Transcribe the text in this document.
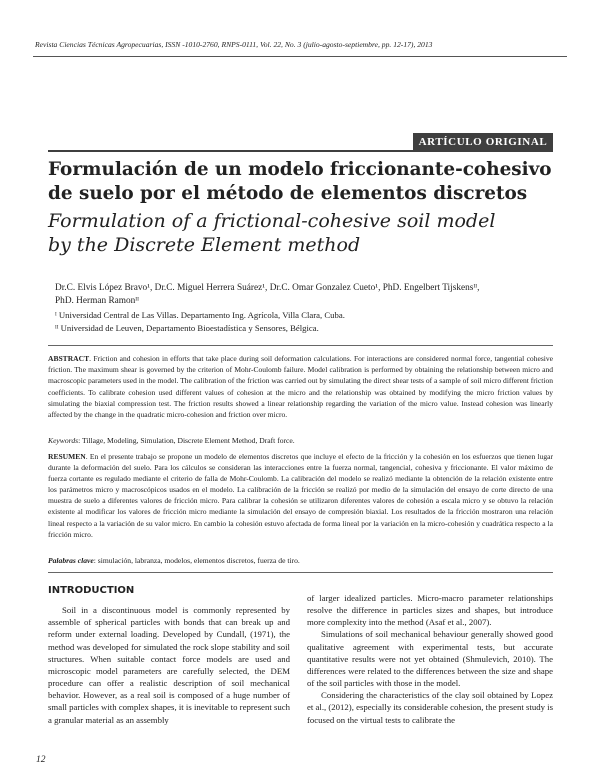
Revista Ciencias Técnicas Agropecuarias, ISSN -1010-2760, RNPS-0111, Vol. 22, No. 3 (julio-agosto-septiembre, pp. 12-17), 2013
ARTÍCULO ORIGINAL
Formulación de un modelo friccionante-cohesivo
de suelo por el método de elementos discretos
Formulation of a frictional-cohesive soil model
by the Discrete Element method
Dr.C. Elvis López Bravo¹, Dr.C. Miguel Herrera Suárez¹, Dr.C. Omar Gonzalez Cueto¹, PhD. Engelbert Tijskensᴵᴵ,
PhD. Herman Ramonᴵᴵ
ᴵ Universidad Central de Las Villas. Departamento Ing. Agrícola, Villa Clara, Cuba.
ᴵᴵ Universidad de Leuven, Departamento Bioestadística y Sensores, Bélgica.
ABSTRACT. Friction and cohesion in efforts that take place during soil deformation calculations. For interactions are considered normal force, tangential cohesive friction. The maximum shear is governed by the criterion of Mohr-Coulomb failure. Model calibration is performed by obtaining the relationship between micro and macroscopic parameters used in the model. The calibration of the friction was carried out by simulating the direct shear tests of a sample of soil micro different friction coefficients. To calibrate cohesion used different values of cohesion at the micro and the relationship was obtained by modifying the micro friction values by simulating the biaxial compression test. The friction results showed a linear relationship regarding the variation of the micro value. Instead cohesion was linearly affected by the change in the quadratic micro-cohesion and friction over micro.
Keywords: Tillage, Modeling, Simulation, Discrete Element Method, Draft force.
RESUMEN. En el presente trabajo se propone un modelo de elementos discretos que incluye el efecto de la fricción y la cohesión en los esfuerzos que tienen lugar durante la deformación del suelo. Para los cálculos se consideran las interacciones entre la fuerza normal, tangencial, cohesiva y friccionante. El valor máximo de fuerza cortante es regulado mediante el criterio de falla de Mohr-Coulomb. La calibración del modelo se realizó mediante la obtención de la relación existente entre los parámetros micro y macroscópicos usados en el modelo. La calibración de la fricción se realizó por medio de la simulación del ensayo de corte directo de una muestra de suelo a diferentes valores de fricción micro. Para calibrar la cohesión se utilizaron diferentes valores de cohesión a escala micro y se obtuvo la relación existente al modificar los valores de fricción micro mediante la simulación del ensayo de compresión biaxial. Los resultados de la fricción mostraron una relación lineal respecto a la variación de su valor micro. En cambio la cohesión estuvo afectada de forma lineal por la variación en la micro-cohesión y cuadrática respecto a la fricción micro.
Palabras clave: simulación, labranza, modelos, elementos discretos, fuerza de tiro.
INTRODUCTION

Soil in a discontinuous model is commonly represented by assemble of spherical particles with bonds that can break up and reform under external loading. Developed by Cundall, (1971), the method was developed for simulated the rock slope stability and soil structures. When suitable contact force models are used and microscopic model parameters are carefully selected, the DEM procedure can offer a realistic description of soil mechanical behavior. However, as a real soil is composed of a huge number of small particles with complex shapes, it is inevitable to represent such a granular material as an assembly

of larger idealized particles. Micro-macro parameter relationships resolve the difference in particles sizes and shapes, but introduce more complexity into the method (Asaf et al., 2007).

Simulations of soil mechanical behaviour generally showed good qualitative agreement with experimental tests, but accurate quantitative results were not yet obtained (Shmulevich, 2010). The differences were related to the differences between the size and shape of the soil particles with those in the model.

Considering the characteristics of the clay soil obtained by Lopez et al., (2012), especially its considerable cohesion, the present study is focused on the virtual tests to calibrate the

12
